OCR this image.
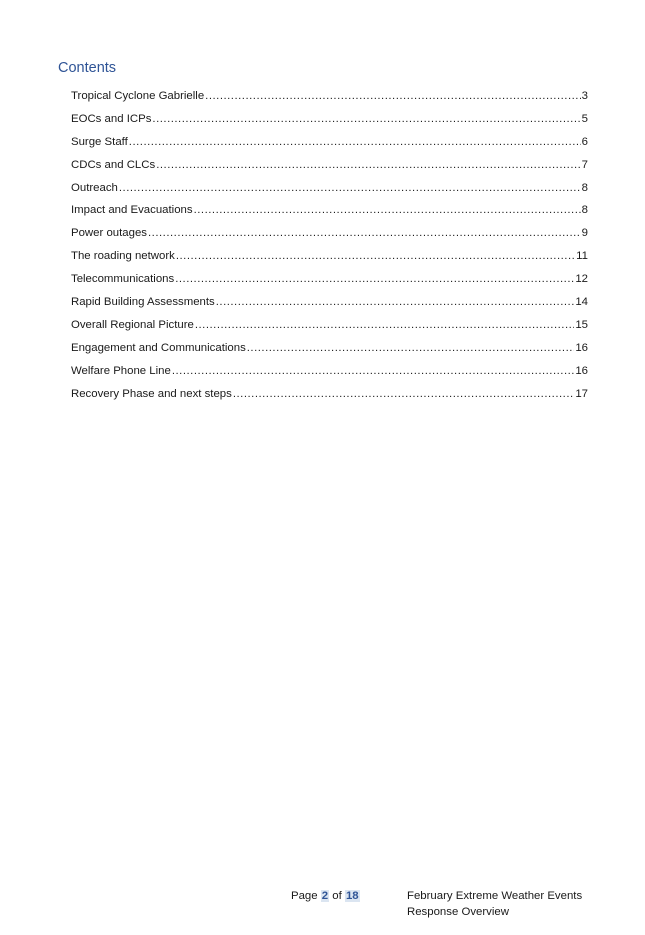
Contents
Tropical Cyclone Gabrielle .....	3
EOCs and ICPs .....	5
Surge Staff .....	6
CDCs and CLCs .....	7
Outreach .....	8
Impact and Evacuations .....	8
Power outages .....	9
The roading network .....	11
Telecommunications .....	12
Rapid Building Assessments .....	14
Overall Regional Picture .....	15
Engagement and Communications .....	16
Welfare Phone Line .....	16
Recovery Phase and next steps .....	17
Page 2 of 18	February Extreme Weather Events
Response Overview
